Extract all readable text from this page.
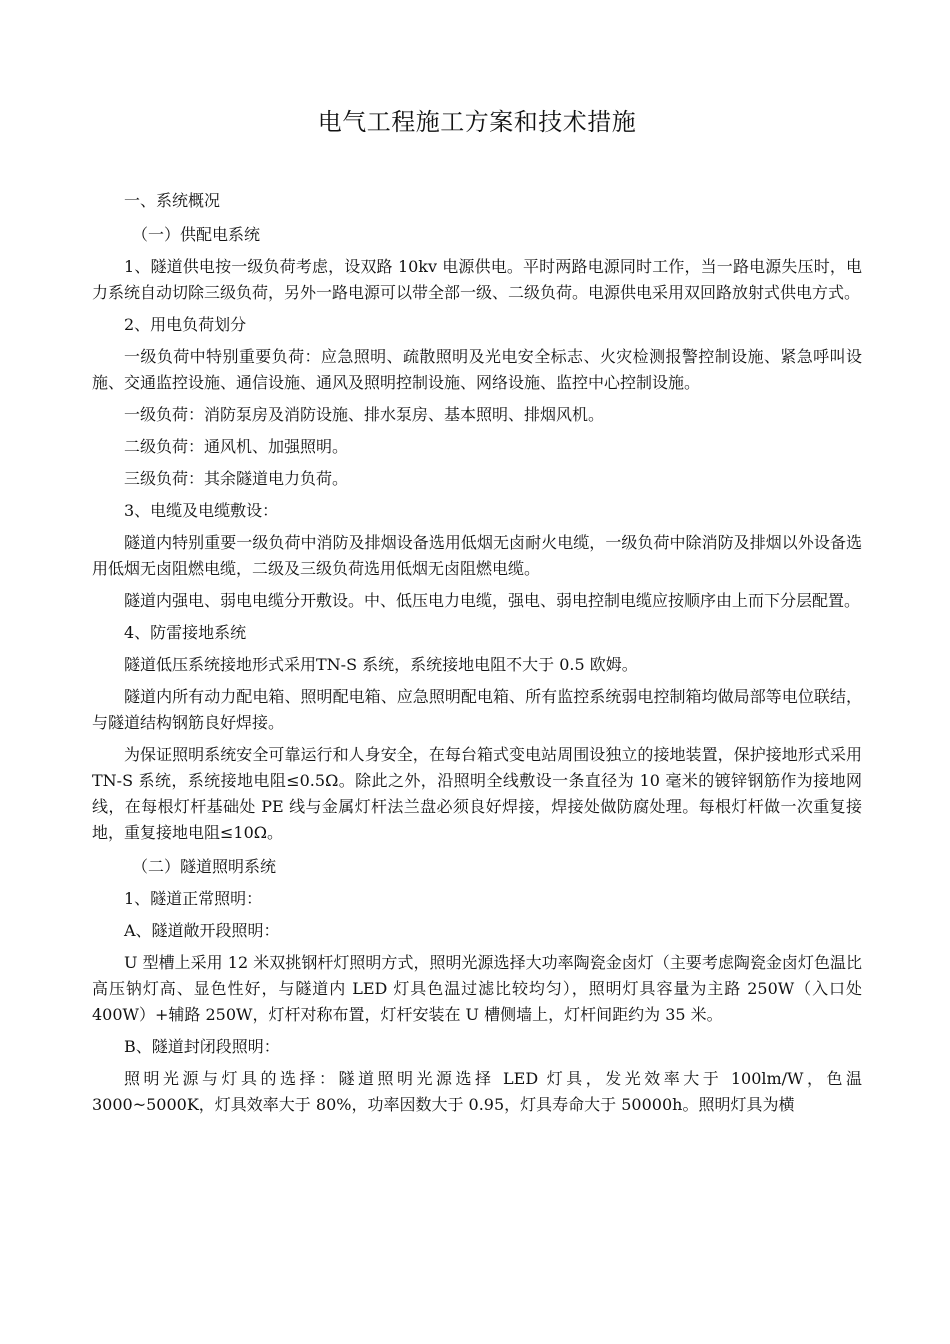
电气工程施工方案和技术措施
一、系统概况
（一）供配电系统

1、隧道供电按一级负荷考虑，设双路 10kv 电源供电。平时两路电源同时工作，当一路电源失压时，电力系统自动切除三级负荷，另外一路电源可以带全部一级、二级负荷。电源供电采用双回路放射式供电方式。

2、用电负荷划分

一级负荷中特别重要负荷：应急照明、疏散照明及光电安全标志、火灾检测报警控制设施、紧急呼叫设施、交通监控设施、通信设施、通风及照明控制设施、网络设施、监控中心控制设施。

一级负荷：消防泵房及消防设施、排水泵房、基本照明、排烟风机。

二级负荷：通风机、加强照明。

三级负荷：其余隧道电力负荷。

3、电缆及电缆敷设：

隧道内特别重要一级负荷中消防及排烟设备选用低烟无卤耐火电缆，一级负荷中除消防及排烟以外设备选用低烟无卤阻燃电缆，二级及三级负荷选用低烟无卤阻燃电缆。

隧道内强电、弱电电缆分开敷设。中、低压电力电缆，强电、弱电控制电缆应按顺序由上而下分层配置。

4、防雷接地系统

隧道低压系统接地形式采用TN-S 系统，系统接地电阻不大于 0.5 欧姆。

隧道内所有动力配电箱、照明配电箱、应急照明配电箱、所有监控系统弱电控制箱均做局部等电位联结，与隧道结构钢筋良好焊接。

为保证照明系统安全可靠运行和人身安全，在每台箱式变电站周围设独立的接地装置，保护接地形式采用 TN-S 系统，系统接地电阻≤0.5Ω。除此之外，沿照明全线敷设一条直径为 10 毫米的镀锌钢筋作为接地网线，在每根灯杆基础处 PE 线与金属灯杆法兰盘必须良好焊接，焊接处做防腐处理。每根灯杆做一次重复接地，重复接地电阻≤10Ω。

（二）隧道照明系统

1、隧道正常照明：

A、隧道敞开段照明：

U 型槽上采用 12 米双挑钢杆灯照明方式，照明光源选择大功率陶瓷金卤灯（主要考虑陶瓷金卤灯色温比高压钠灯高、显色性好，与隧道内 LED 灯具色温过滤比较均匀），照明灯具容量为主路 250W（入口处 400W）+辅路 250W，灯杆对称布置，灯杆安装在 U 槽侧墙上，灯杆间距约为 35 米。

B、隧道封闭段照明：

照明光源与灯具的选择：隧道照明光源选择 LED 灯具，发光效率大于 100lm/W，色温 3000~5000K，灯具效率大于 80%，功率因数大于 0.95，灯具寿命大于 50000h。照明灯具为横
